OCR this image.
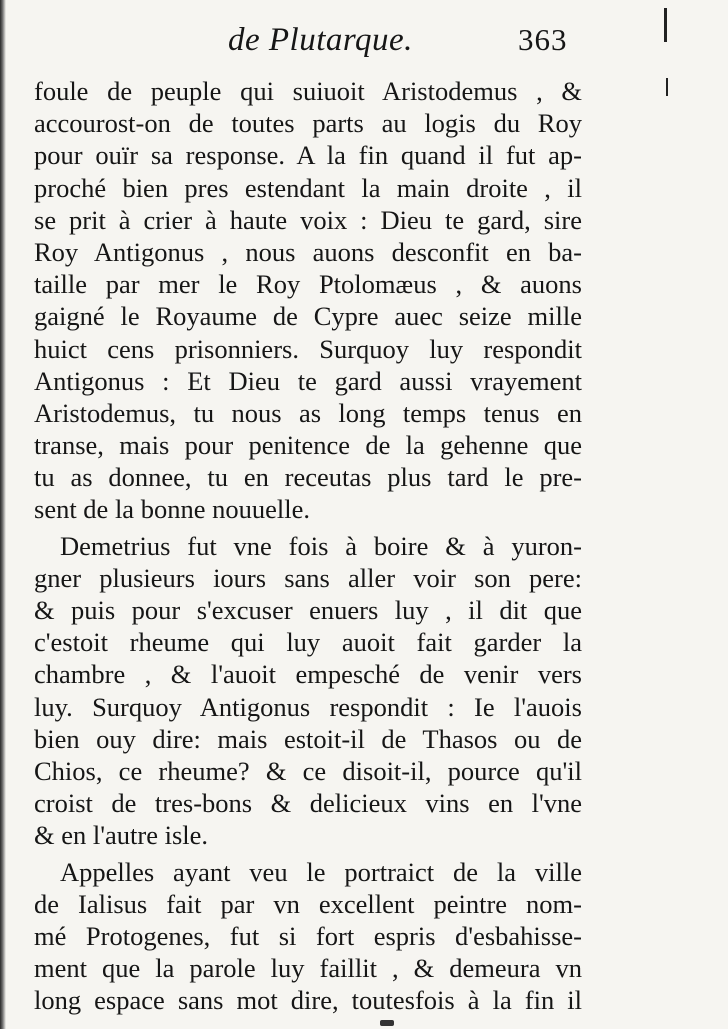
de Plutarque.	363
foule de peuple qui suiuoit Aristodemus , &
accourost-on de toutes parts au logis du Roy
pour ouïr sa response. A la fin quand il fut ap-
proché bien pres estendant la main droite , il
se prit à crier à haute voix : Dieu te gard, sire
Roy Antigonus , nous auons desconfit en ba-
taille par mer le Roy Ptolomæus , & auons
gaigné le Royaume de Cypre auec seize mille
huict cens prisonniers. Surquoy luy respondit
Antigonus : Et Dieu te gard aussi vrayement
Aristodemus, tu nous as long temps tenus en
transe, mais pour penitence de la gehenne que
tu as donnee, tu en receutas plus tard le pre-
sent de la bonne nouuelle.
Demetrius fut vne fois à boire & à yuron-
gner plusieurs iours sans aller voir son pere:
& puis pour s'excuser enuers luy , il dit que
c'estoit rheume qui luy auoit fait garder la
chambre , & l'auoit empesché de venir vers
luy. Surquoy Antigonus respondit : Ie l'auois
bien ouy dire: mais estoit-il de Thasos ou de
Chios, ce rheume? & ce disoit-il, pource qu'il
croist de tres-bons & delicieux vins en l'vne
& en l'autre isle.
Appelles ayant veu le portraict de la ville
de Ialisus fait par vn excellent peintre nom-
mé Protogenes, fut si fort espris d'esbahisse-
ment que la parole luy faillit , & demeura vn
long espace sans mot dire, toutesfois à la fin il
